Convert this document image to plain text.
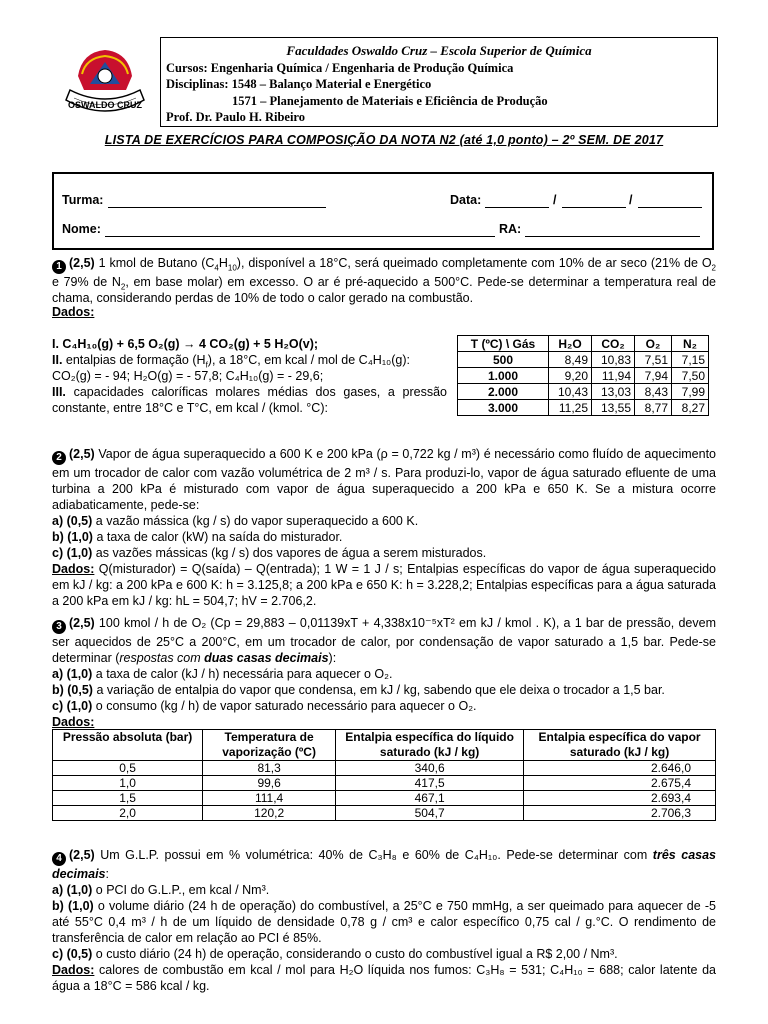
OSWALDO CRUZ
Faculdades Oswaldo Cruz – Escola Superior de Química
Cursos: Engenharia Química / Engenharia de Produção Química
Disciplinas: 1548 – Balanço Material e Energético
1571 – Planejamento de Materiais e Eficiência de Produção
Prof. Dr. Paulo H. Ribeiro
LISTA DE EXERCÍCIOS PARA COMPOSIÇÃO DA NOTA N2 (até 1,0 ponto) – 2º SEM. DE 2017
Turma:	Data:	/	/
Nome:	RA:
1 (2,5) 1 kmol de Butano $(C_4H_{10})$, disponível a 18°C, será queimado completamente com 10% de ar seco (21% de $O_2$ e 79% de $N_2$, em base molar) em excesso. O ar é pré-aquecido a 500°C. Pede-se determinar a temperatura real de chama, considerando perdas de 10% de todo o calor gerado na combustão.
Dados:
I. C₄H₁₀(g) + 6,5 O₂(g) → 4 CO₂(g) + 5 H₂O(v);
II. entalpias de formação $(H_f)$, a 18°C, em kcal / mol de C₄H₁₀(g):
CO₂(g) = - 94; H₂O(g) = - 57,8; C₄H₁₀(g) = - 29,6;
III. capacidades caloríficas molares médias dos gases, a pressão constante, entre 18°C e T°C, em kcal / (kmol. °C):
T (ºC) \ Gás	H₂O	CO₂	O₂	N₂
500	8,49	10,83	7,51	7,15
1.000	9,20	11,94	7,94	7,50
2.000	10,43	13,03	8,43	7,99
3.000	11,25	13,55	8,77	8,27
2 (2,5) Vapor de água superaquecido a 600 K e 200 kPa (ρ = 0,722 kg / m³) é necessário como fluído de aquecimento em um trocador de calor com vazão volumétrica de 2 m³ / s. Para produzi-lo, vapor de água saturado efluente de uma turbina a 200 kPa é misturado com vapor de água superaquecido a 200 kPa e 650 K. Se a mistura ocorre adiabaticamente, pede-se:
a) (0,5) a vazão mássica (kg / s) do vapor superaquecido a 600 K.
b) (1,0) a taxa de calor (kW) na saída do misturador.
c) (1,0) as vazões mássicas (kg / s) dos vapores de água a serem misturados.
Dados: Q(misturador) = Q(saída) – Q(entrada); 1 W = 1 J / s; Entalpias específicas do vapor de água superaquecido em kJ / kg: a 200 kPa e 600 K: h = 3.125,8; a 200 kPa e 650 K: h = 3.228,2; Entalpias específicas para a água saturada a 200 kPa em kJ / kg: hL = 504,7; hV = 2.706,2.
3 (2,5) 100 kmol / h de O₂ (Cp = 29,883 – 0,01139xT + 4,338x10⁻⁵xT² em kJ / kmol . K), a 1 bar de pressão, devem ser aquecidos de 25°C a 200°C, em um trocador de calor, por condensação de vapor saturado a 1,5 bar. Pede-se determinar (respostas com duas casas decimais):
a) (1,0) a taxa de calor (kJ / h) necessária para aquecer o O₂.
b) (0,5) a variação de entalpia do vapor que condensa, em kJ / kg, sabendo que ele deixa o trocador a 1,5 bar.
c) (1,0) o consumo (kg / h) de vapor saturado necessário para aquecer o O₂.
Dados:
Pressão absoluta (bar)	Temperatura de vaporização (ºC)	Entalpia específica do líquido saturado (kJ / kg)	Entalpia específica do vapor saturado (kJ / kg)
0,5	81,3	340,6	2.646,0
1,0	99,6	417,5	2.675,4
1,5	111,4	467,1	2.693,4
2,0	120,2	504,7	2.706,3
4 (2,5) Um G.L.P. possui em % volumétrica: 40% de C₃H₈ e 60% de C₄H₁₀. Pede-se determinar com três casas decimais:
a) (1,0) o PCI do G.L.P., em kcal / Nm³.
b) (1,0) o volume diário (24 h de operação) do combustível, a 25°C e 750 mmHg, a ser queimado para aquecer de -5 até 55°C 0,4 m³ / h de um líquido de densidade 0,78 g / cm³ e calor específico 0,75 cal / g.°C. O rendimento de transferência de calor em relação ao PCI é 85%.
c) (0,5) o custo diário (24 h) de operação, considerando o custo do combustível igual a R$ 2,00 / Nm³.
Dados: calores de combustão em kcal / mol para H₂O líquida nos fumos: C₃H₈ = 531; C₄H₁₀ = 688; calor latente da água a 18°C = 586 kcal / kg.
